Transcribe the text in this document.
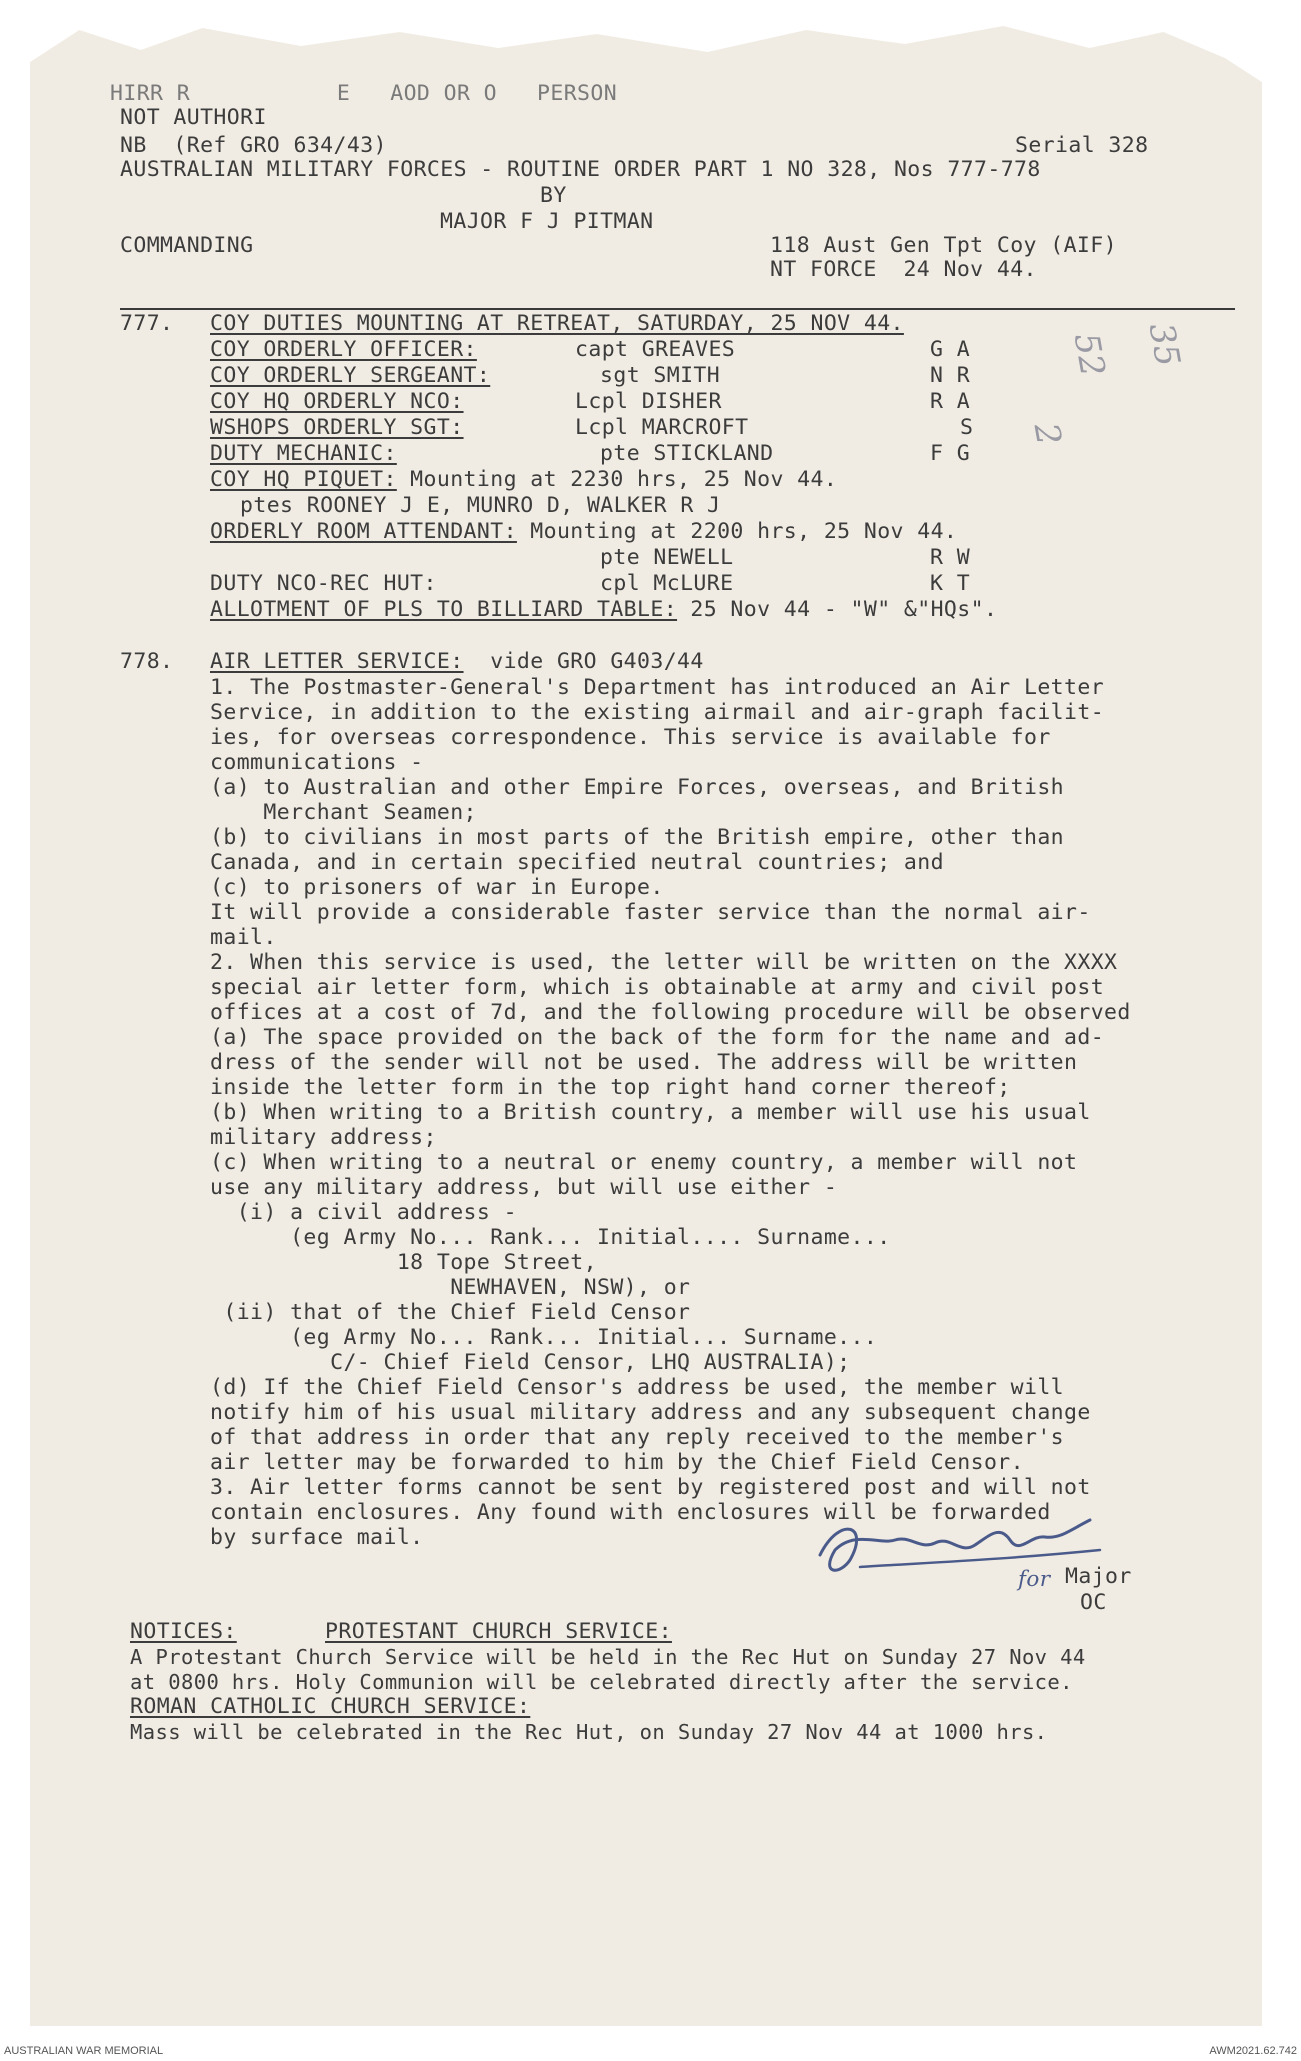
HIRR R           E   AOD OR O   PERSON
NOT AUTHORI
NB  (Ref GRO 634/43)	Serial 328
AUSTRALIAN MILITARY FORCES - ROUTINE ORDER PART 1 NO 328, Nos 777-778
BY
MAJOR F J PITMAN
COMMANDING	118 Aust Gen Tpt Coy (AIF)
NT FORCE  24 Nov 44.
777. COY DUTIES MOUNTING AT RETREAT, SATURDAY, 25 NOV 44.
COY ORDERLY OFFICER:	capt GREAVES	G A
COY ORDERLY SERGEANT:	sgt SMITH	N R
COY HQ ORDERLY NCO:	Lcpl DISHER	R A
WSHOPS ORDERLY SGT:	Lcpl MARCROFT	S
DUTY MECHANIC:	pte STICKLAND	F G
COY HQ PIQUET: Mounting at 2230 hrs, 25 Nov 44.
ptes ROONEY J E, MUNRO D, WALKER R J
ORDERLY ROOM ATTENDANT: Mounting at 2200 hrs, 25 Nov 44.
pte NEWELL	R W
DUTY NCO-REC HUT:	cpl McLURE	K T
ALLOTMENT OF PLS TO BILLIARD TABLE: 25 Nov 44 - "W" &"HQs".
778. AIR LETTER SERVICE:  vide GRO G403/44
1. The Postmaster-General's Department has introduced an Air Letter
Service, in addition to the existing airmail and air-graph facilit-
ies, for overseas correspondence. This service is available for
communications -
(a) to Australian and other Empire Forces, overseas, and British
Merchant Seamen;
(b) to civilians in most parts of the British empire, other than
Canada, and in certain specified neutral countries; and
(c) to prisoners of war in Europe.
It will provide a considerable faster service than the normal air-
mail.
2. When this service is used, the letter will be written on the XXXX
special air letter form, which is obtainable at army and civil post
offices at a cost of 7d, and the following procedure will be observed
(a) The space provided on the back of the form for the name and ad-
dress of the sender will not be used. The address will be written
inside the letter form in the top right hand corner thereof;
(b) When writing to a British country, a member will use his usual
military address;
(c) When writing to a neutral or enemy country, a member will not
use any military address, but will use either -
(i) a civil address -
(eg Army No... Rank... Initial.... Surname...
18 Tope Street,
NEWHAVEN, NSW), or
(ii) that of the Chief Field Censor
(eg Army No... Rank... Initial... Surname...
C/- Chief Field Censor, LHQ AUSTRALIA);
(d) If the Chief Field Censor's address be used, the member will
notify him of his usual military address and any subsequent change
of that address in order that any reply received to the member's
air letter may be forwarded to him by the Chief Field Censor.
3. Air letter forms cannot be sent by registered post and will not
contain enclosures. Any found with enclosures will be forwarded
by surface mail.
for Major
OC
NOTICES:	PROTESTANT CHURCH SERVICE:
A Protestant Church Service will be held in the Rec Hut on Sunday 27 Nov 44
at 0800 hrs. Holy Communion will be celebrated directly after the service.
ROMAN CATHOLIC CHURCH SERVICE:
Mass will be celebrated in the Rec Hut, on Sunday 27 Nov 44 at 1000 hrs.
35
52
2
AUSTRALIAN WAR MEMORIAL	AWM2021.62.742
